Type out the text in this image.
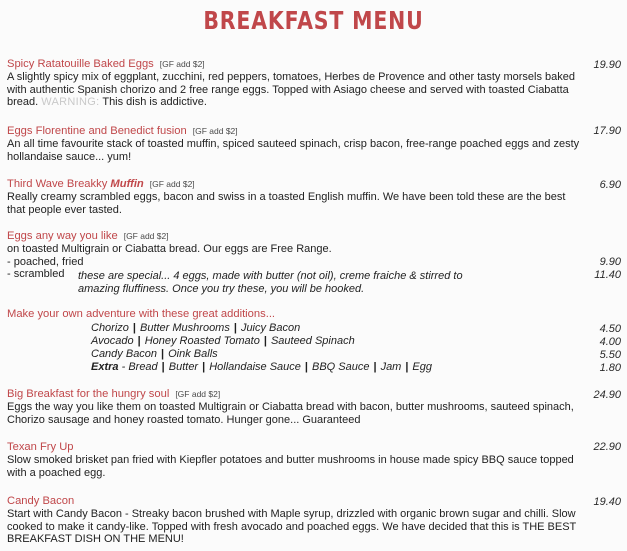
BREAKFAST MENU
Spicy Ratatouille Baked Eggs [GF add $2]
A slightly spicy mix of eggplant, zucchini, red peppers, tomatoes, Herbes de Provence and other tasty morsels baked with authentic Spanish chorizo and 2 free range eggs. Topped with Asiago cheese and served with toasted Ciabatta bread. WARNING: This dish is addictive.
19.90
Eggs Florentine and Benedict fusion [GF add $2]
An all time favourite stack of toasted muffin, spiced sauteed spinach, crisp bacon, free-range poached eggs and zesty hollandaise sauce... yum!
17.90
Third Wave Breakky Muffin [GF add $2]
Really creamy scrambled eggs, bacon and swiss in a toasted English muffin. We have been told these are the best that people ever tasted.
6.90
Eggs any way you like [GF add $2]
on toasted Multigrain or Ciabatta bread. Our eggs are Free Range.
- poached, fried
- scrambled	these are special... 4 eggs, made with butter (not oil), creme fraiche & stirred to amazing fluffiness. Once you try these, you will be hooked.
9.90
11.40
Make your own adventure with these great additions...
Chorizo | Butter Mushrooms | Juicy Bacon	4.50
Avocado | Honey Roasted Tomato | Sauteed Spinach	4.00
Candy Bacon | Oink Balls	5.50
Extra - Bread | Butter | Hollandaise Sauce | BBQ Sauce | Jam | Egg	1.80
Big Breakfast for the hungry soul [GF add $2]
Eggs the way you like them on toasted Multigrain or Ciabatta bread with bacon, butter mushrooms, sauteed spinach, Chorizo sausage and honey roasted tomato. Hunger gone... Guaranteed
24.90
Texan Fry Up
Slow smoked brisket pan fried with Kiepfler potatoes and butter mushrooms in house made spicy BBQ sauce topped with a poached egg.
22.90
Candy Bacon
Start with Candy Bacon - Streaky bacon brushed with Maple syrup, drizzled with organic brown sugar and chilli. Slow cooked to make it candy-like. Topped with fresh avocado and poached eggs. We have decided that this is THE BEST BREAKFAST DISH ON THE MENU!
19.40
